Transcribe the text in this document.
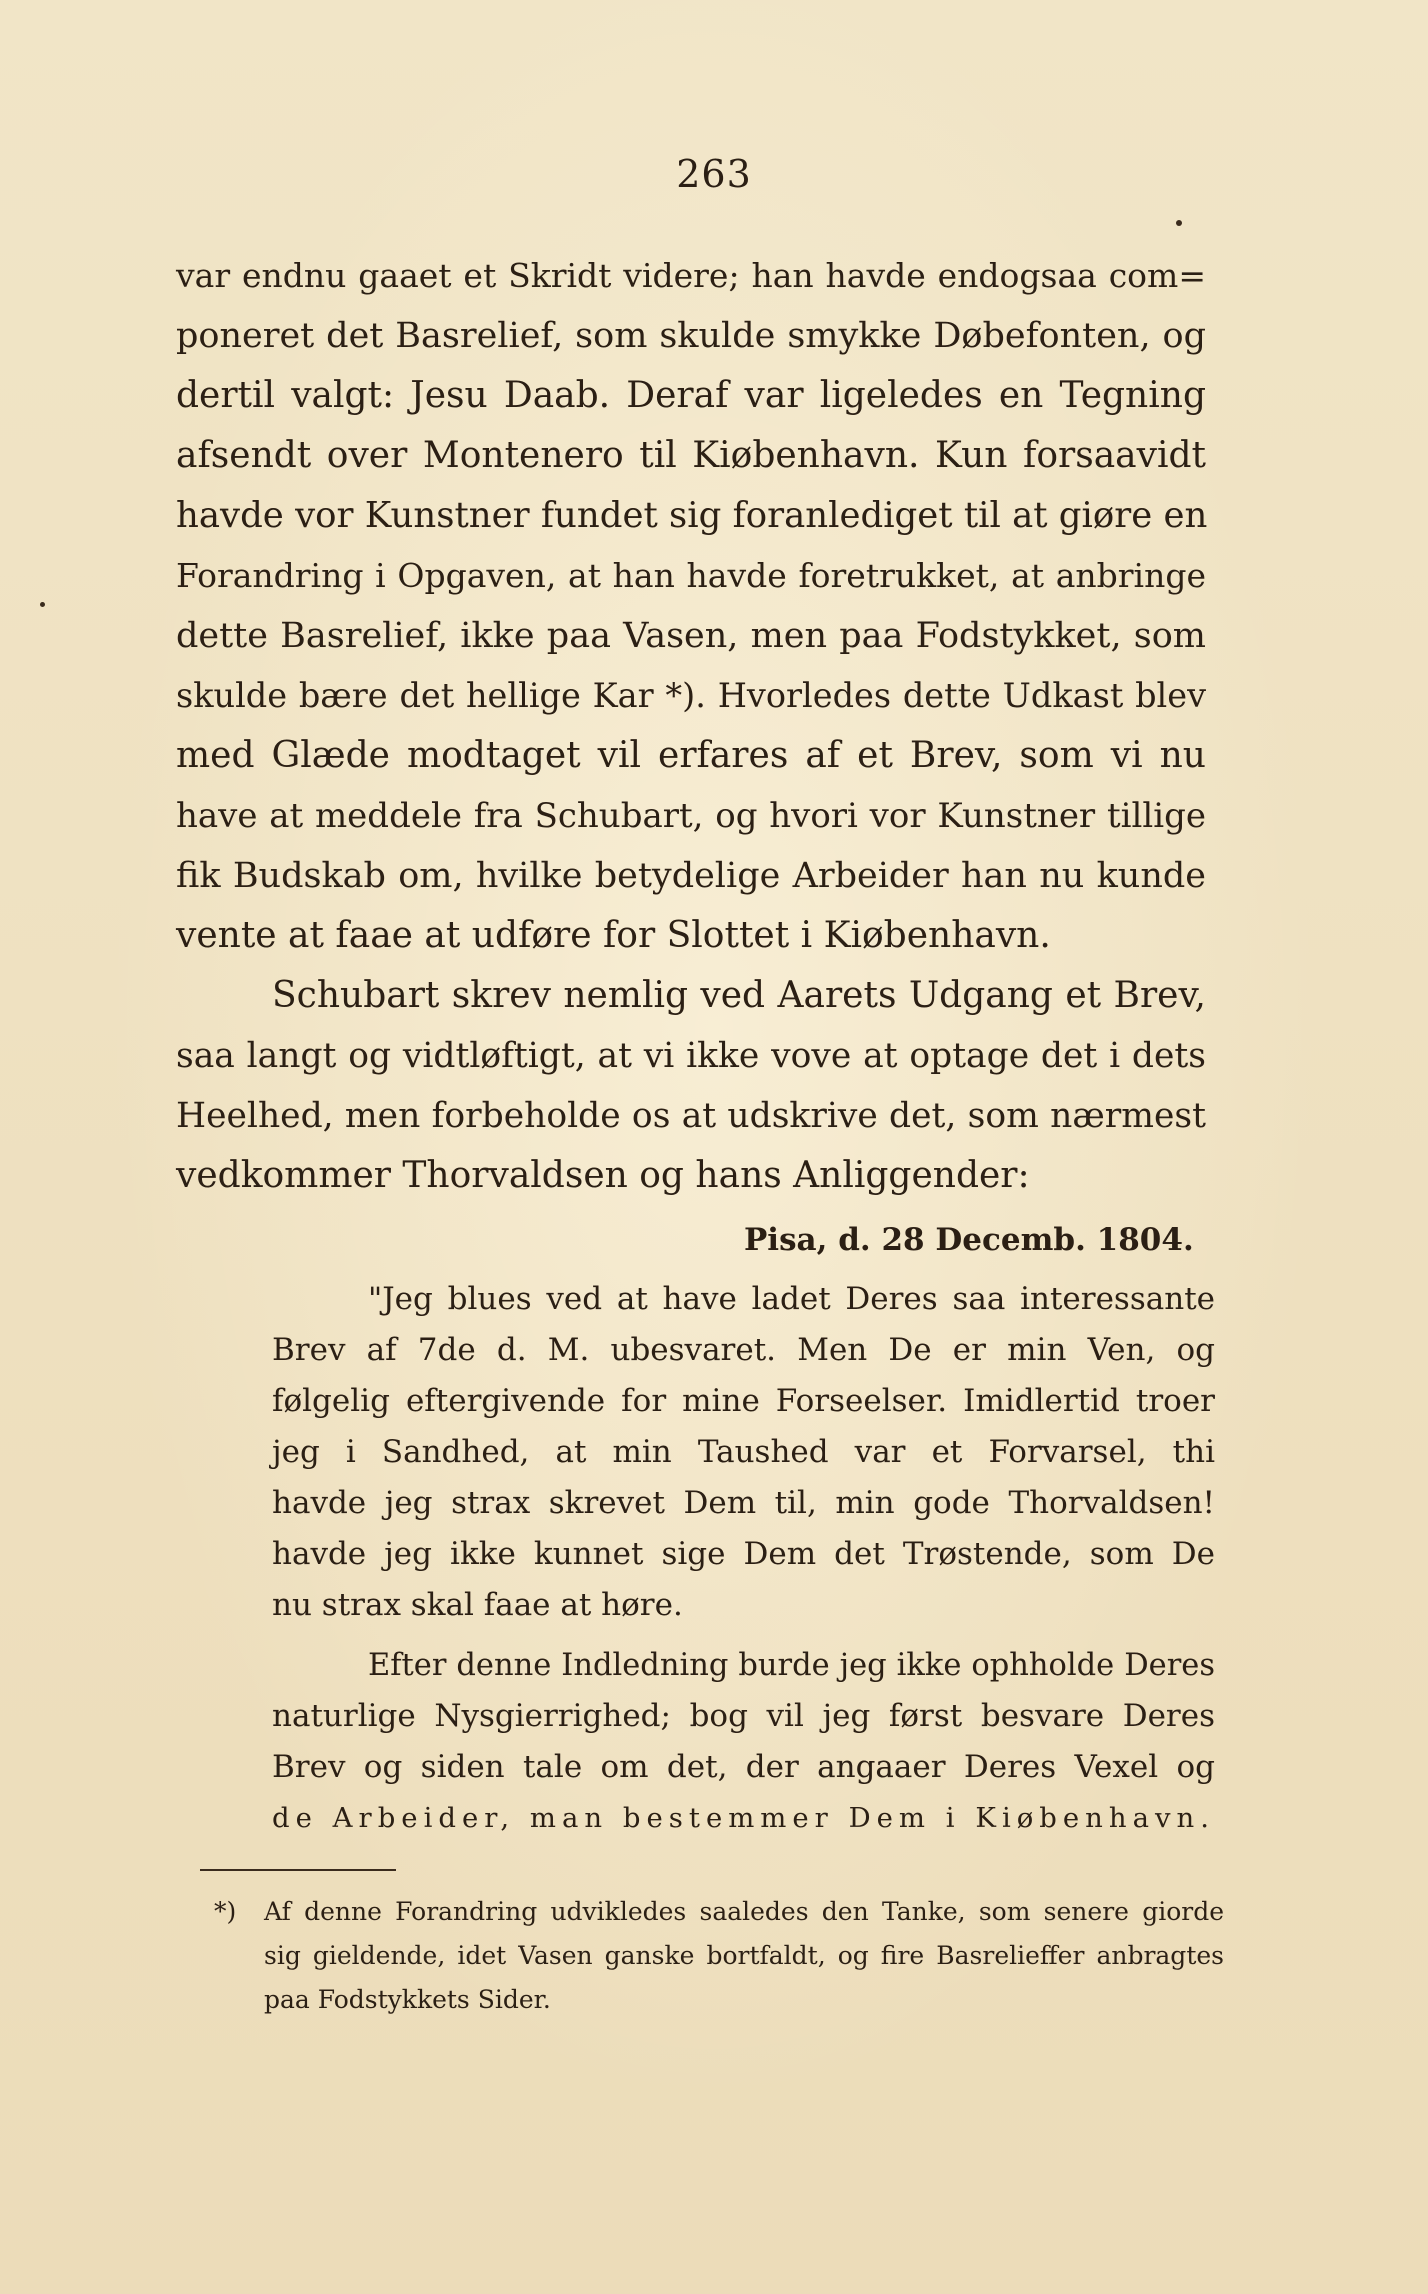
263
var endnu gaaet et Skridt videre; han havde endogsaa com=
poneret det Basrelief, som skulde smykke Døbefonten, og
dertil valgt: Jesu Daab. Deraf var ligeledes en Tegning
afsendt over Montenero til Kiøbenhavn. Kun forsaavidt
havde vor Kunstner fundet sig foranlediget til at giøre en
Forandring i Opgaven, at han havde foretrukket, at anbringe
dette Basrelief, ikke paa Vasen, men paa Fodstykket, som
skulde bære det hellige Kar *). Hvorledes dette Udkast blev
med Glæde modtaget vil erfares af et Brev, som vi nu
have at meddele fra Schubart, og hvori vor Kunstner tillige
fik Budskab om, hvilke betydelige Arbeider han nu kunde
vente at faae at udføre for Slottet i Kiøbenhavn.
Schubart skrev nemlig ved Aarets Udgang et Brev,
saa langt og vidtløftigt, at vi ikke vove at optage det i dets
Heelhed, men forbeholde os at udskrive det, som nærmest
vedkommer Thorvaldsen og hans Anliggender:
Pisa, d. 28 Decemb. 1804.
"Jeg blues ved at have ladet Deres saa interessante
Brev af 7de d. M. ubesvaret. Men De er min Ven, og
følgelig eftergivende for mine Forseelser. Imidlertid troer
jeg i Sandhed, at min Taushed var et Forvarsel, thi
havde jeg strax skrevet Dem til, min gode Thorvaldsen!
havde jeg ikke kunnet sige Dem det Trøstende, som De
nu strax skal faae at høre.
Efter denne Indledning burde jeg ikke ophholde Deres
naturlige Nysgierrighed; bog vil jeg først besvare Deres
Brev og siden tale om det, der angaaer Deres Vexel og
de Arbeider, man bestemmer Dem i Kiøbenhavn.
*)	Af denne Forandring udvikledes saaledes den Tanke, som senere giorde
sig gieldende, idet Vasen ganske bortfaldt, og fire Basrelieffer anbragtes
paa Fodstykkets Sider.
